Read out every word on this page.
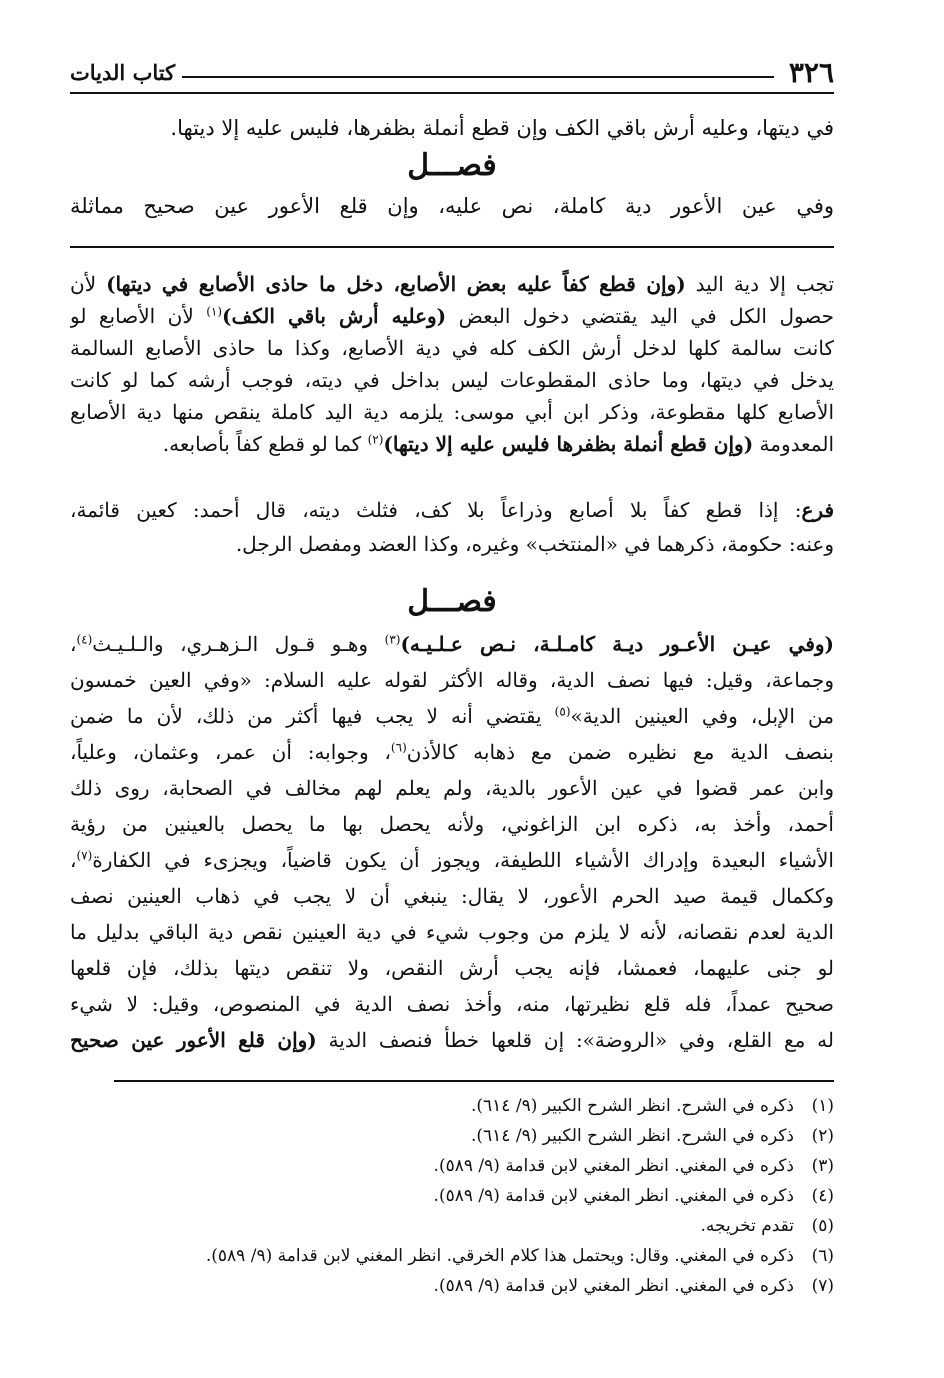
٣٢٦
كتاب الديات
في ديتها، وعليه أرش باقي الكف وإن قطع أنملة بظفرها، فليس عليه إلا ديتها.
فصـــل
وفي عين الأعور دية كاملة، نص عليه، وإن قلع الأعور عين صحيح مماثلة
تجب إلا دية اليد (وإن قطع كفاً عليه بعض الأصابع، دخل ما حاذى الأصابع في ديتها) لأن
حصول الكل في اليد يقتضي دخول البعض (وعليه أرش باقي الكف)$^{(١)}$ لأن الأصابع لو
كانت سالمة كلها لدخل أرش الكف كله في دية الأصابع، وكذا ما حاذى الأصابع السالمة
يدخل في ديتها، وما حاذى المقطوعات ليس بداخل في ديته، فوجب أرشه كما لو كانت
الأصابع كلها مقطوعة، وذكر ابن أبي موسى: يلزمه دية اليد كاملة ينقص منها دية الأصابع
المعدومة (وإن قطع أنملة بظفرها فليس عليه إلا ديتها)$^{(٢)}$ كما لو قطع كفاً بأصابعه.
فرع: إذا قطع كفاً بلا أصابع وذراعاً بلا كف، فثلث ديته، قال أحمد: كعين قائمة،
وعنه: حكومة، ذكرهما في «المنتخب» وغيره، وكذا العضد ومفصل الرجل.
فصـــل
(وفي عيـن الأعـور ديـة كامـلـة، نـص عـلـيـه)$^{(٣)}$ وهـو قـول الـزهـري، والـلـيـث$^{(٤)}$،
وجماعة، وقيل: فيها نصف الدية، وقاله الأكثر لقوله عليه السلام: «وفي العين خمسون
من الإبل، وفي العينين الدية»$^{(٥)}$ يقتضي أنه لا يجب فيها أكثر من ذلك، لأن ما ضمن
بنصف الدية مع نظيره ضمن مع ذهابه كالأذن$^{(٦)}$، وجوابه: أن عمر، وعثمان، وعلياً،
وابن عمر قضوا في عين الأعور بالدية، ولم يعلم لهم مخالف في الصحابة، روى ذلك
أحمد، وأخذ به، ذكره ابن الزاغوني، ولأنه يحصل بها ما يحصل بالعينين من رؤية
الأشياء البعيدة وإدراك الأشياء اللطيفة، ويجوز أن يكون قاضياً، ويجزىء في الكفارة$^{(٧)}$،
وككمال قيمة صيد الحرم الأعور، لا يقال: ينبغي أن لا يجب في ذهاب العينين نصف
الدية لعدم نقصانه، لأنه لا يلزم من وجوب شيء في دية العينين نقص دية الباقي بدليل ما
لو جنى عليهما، فعمشا، فإنه يجب أرش النقص، ولا تنقص ديتها بذلك، فإن قلعها
صحيح عمداً، فله قلع نظيرتها، منه، وأخذ نصف الدية في المنصوص، وقيل: لا شيء
له مع القلع، وفي «الروضة»: إن قلعها خطأ فنصف الدية (وإن قلع الأعور عين صحيح
(١)ذكره في الشرح. انظر الشرح الكبير (٩/ ٦١٤).
(٢)ذكره في الشرح. انظر الشرح الكبير (٩/ ٦١٤).
(٣)ذكره في المغني. انظر المغني لابن قدامة (٩/ ٥٨٩).
(٤)ذكره في المغني. انظر المغني لابن قدامة (٩/ ٥٨٩).
(٥)تقدم تخريجه.
(٦)ذكره في المغني. وقال: ويحتمل هذا كلام الخرقي. انظر المغني لابن قدامة (٩/ ٥٨٩).
(٧)ذكره في المغني. انظر المغني لابن قدامة (٩/ ٥٨٩).
